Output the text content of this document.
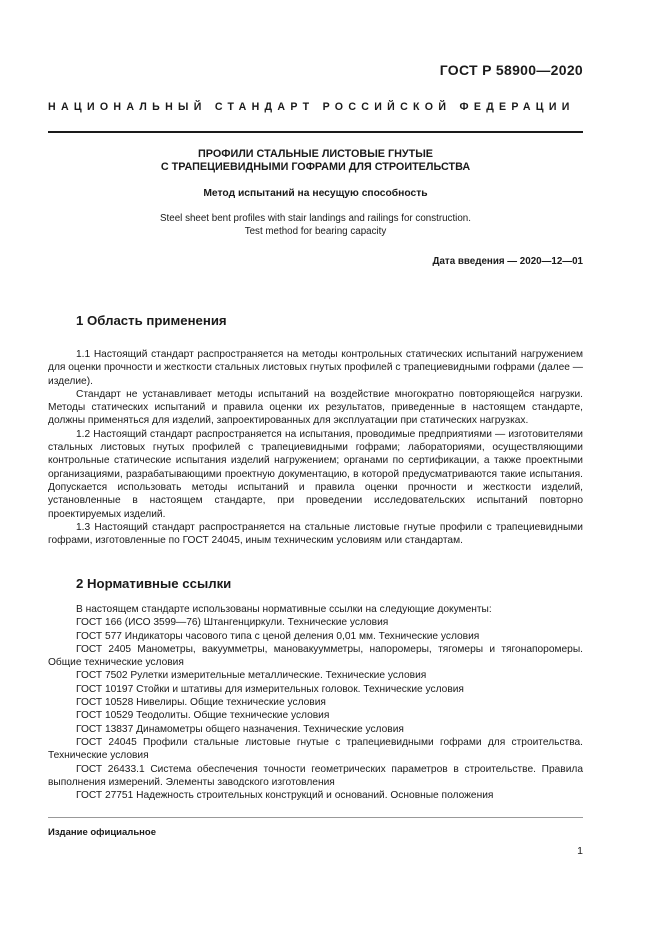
ГОСТ Р 58900—2020
НАЦИОНАЛЬНЫЙ СТАНДАРТ РОССИЙСКОЙ ФЕДЕРАЦИИ
ПРОФИЛИ СТАЛЬНЫЕ ЛИСТОВЫЕ ГНУТЫЕ
С ТРАПЕЦИЕВИДНЫМИ ГОФРАМИ ДЛЯ СТРОИТЕЛЬСТВА
Метод испытаний на несущую способность
Steel sheet bent profiles with stair landings and railings for construction.
Test method for bearing capacity
Дата введения — 2020—12—01
1 Область применения
1.1 Настоящий стандарт распространяется на методы контрольных статических испытаний нагружением для оценки прочности и жесткости стальных листовых гнутых профилей с трапециевидными гофрами (далее — изделие).
Стандарт не устанавливает методы испытаний на воздействие многократно повторяющейся нагрузки. Методы статических испытаний и правила оценки их результатов, приведенные в настоящем стандарте, должны применяться для изделий, запроектированных для эксплуатации при статических нагрузках.
1.2 Настоящий стандарт распространяется на испытания, проводимые предприятиями — изготовителями стальных листовых гнутых профилей с трапециевидными гофрами; лабораториями, осуществляющими контрольные статические испытания изделий нагружением; органами по сертификации, а также проектными организациями, разрабатывающими проектную документацию, в которой предусматриваются такие испытания. Допускается использовать методы испытаний и правила оценки прочности и жесткости изделий, установленные в настоящем стандарте, при проведении исследовательских испытаний повторно проектируемых изделий.
1.3 Настоящий стандарт распространяется на стальные листовые гнутые профили с трапециевидными гофрами, изготовленные по ГОСТ 24045, иным техническим условиям или стандартам.
2 Нормативные ссылки
В настоящем стандарте использованы нормативные ссылки на следующие документы:
ГОСТ 166 (ИСО 3599—76) Штангенциркули. Технические условия
ГОСТ 577 Индикаторы часового типа с ценой деления 0,01 мм. Технические условия
ГОСТ 2405 Манометры, вакуумметры, мановакуумметры, напоромеры, тягомеры и тягонапоромеры. Общие технические условия
ГОСТ 7502 Рулетки измерительные металлические. Технические условия
ГОСТ 10197 Стойки и штативы для измерительных головок. Технические условия
ГОСТ 10528 Нивелиры. Общие технические условия
ГОСТ 10529 Теодолиты. Общие технические условия
ГОСТ 13837 Динамометры общего назначения. Технические условия
ГОСТ 24045 Профили стальные листовые гнутые с трапециевидными гофрами для строительства. Технические условия
ГОСТ 26433.1 Система обеспечения точности геометрических параметров в строительстве. Правила выполнения измерений. Элементы заводского изготовления
ГОСТ 27751 Надежность строительных конструкций и оснований. Основные положения
Издание официальное
1
